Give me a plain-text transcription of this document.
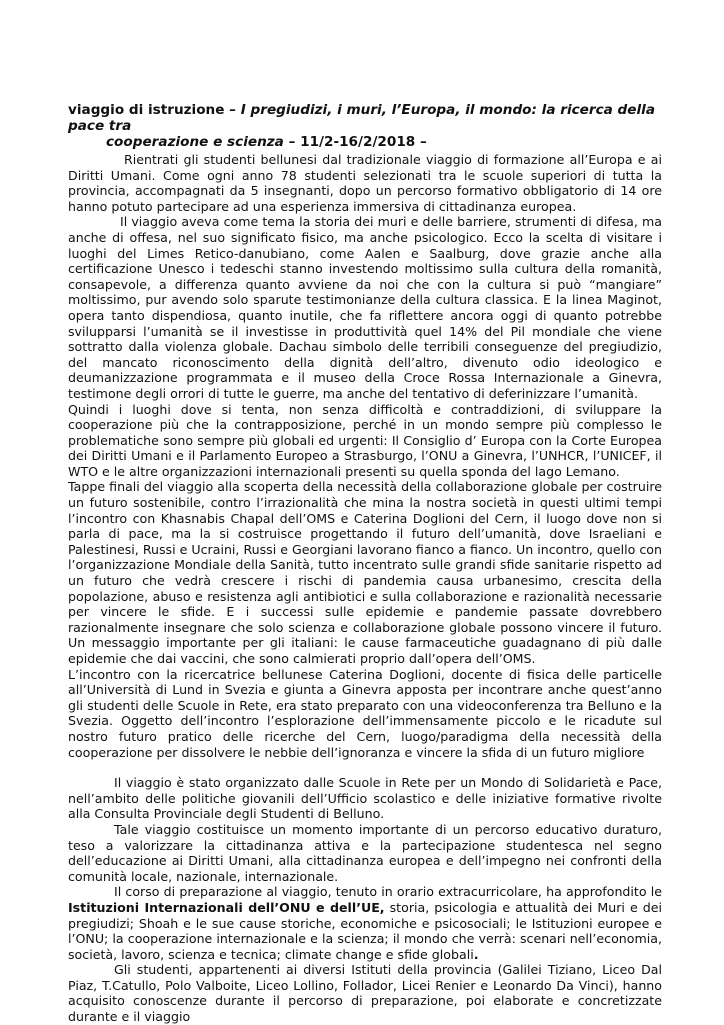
viaggio di istruzione – I pregiudizi, i muri, l’Europa, il mondo: la ricerca della pace tra
cooperazione e scienza – 11/2-16/2/2018 –

Rientrati gli studenti bellunesi dal tradizionale viaggio di formazione all’Europa e ai Diritti Umani. Come ogni anno 78 studenti selezionati tra le scuole superiori di tutta la provincia, accompagnati da 5 insegnanti, dopo un percorso formativo obbligatorio di 14 ore hanno potuto partecipare ad una esperienza immersiva di cittadinanza europea.

Il viaggio aveva come tema la storia dei muri e delle barriere, strumenti di difesa, ma anche di offesa, nel suo significato fisico, ma anche psicologico. Ecco la scelta di visitare i luoghi del Limes Retico-danubiano, come Aalen e Saalburg, dove grazie anche alla certificazione Unesco i tedeschi stanno investendo moltissimo sulla cultura della romanità, consapevole, a differenza quanto avviene da noi che con la cultura si può “mangiare” moltissimo, pur avendo solo sparute testimonianze della cultura classica. E la linea Maginot, opera tanto dispendiosa, quanto inutile, che fa riflettere ancora oggi di quanto potrebbe svilupparsi l’umanità se il investisse in produttività quel 14% del Pil mondiale che viene sottratto dalla violenza globale. Dachau simbolo delle terribili conseguenze del pregiudizio, del mancato riconoscimento della dignità dell’altro, divenuto odio ideologico e deumanizzazione programmata e il museo della Croce Rossa Internazionale a Ginevra, testimone degli orrori di tutte le guerre, ma anche del tentativo di deferinizzare l’umanità.

Quindi i luoghi dove si tenta, non senza difficoltà e contraddizioni, di sviluppare la cooperazione più che la contrapposizione, perché in un mondo sempre più complesso le problematiche sono sempre più globali ed urgenti: Il Consiglio d’ Europa con la Corte Europea dei Diritti Umani e il Parlamento Europeo a Strasburgo, l’ONU a Ginevra, l’UNHCR, l’UNICEF, il WTO e le altre organizzazioni internazionali presenti su quella sponda del lago Lemano.

Tappe finali del viaggio alla scoperta della necessità della collaborazione globale per costruire un futuro sostenibile, contro l’irrazionalità che mina la nostra società in questi ultimi tempi l’incontro con Khasnabis Chapal dell’OMS e Caterina Doglioni del Cern, il luogo dove non si parla di pace, ma la si costruisce progettando il futuro dell’umanità, dove Israeliani e Palestinesi, Russi e Ucraini, Russi e Georgiani lavorano fianco a fianco. Un incontro, quello con l’organizzazione Mondiale della Sanità, tutto incentrato sulle grandi sfide sanitarie rispetto ad un futuro che vedrà crescere i rischi di pandemia causa urbanesimo, crescita della popolazione, abuso e resistenza agli antibiotici e sulla collaborazione e razionalità necessarie per vincere le sfide. E i successi sulle epidemie e pandemie passate dovrebbero razionalmente insegnare che solo scienza e collaborazione globale possono vincere il futuro. Un messaggio importante per gli italiani: le cause farmaceutiche guadagnano di più dalle epidemie che dai vaccini, che sono calmierati proprio dall’opera dell’OMS.

L’incontro con la ricercatrice bellunese Caterina Doglioni, docente di fisica delle particelle all’Università di Lund in Svezia e giunta a Ginevra apposta per incontrare anche quest’anno gli studenti delle Scuole in Rete, era stato preparato con una videoconferenza tra Belluno e la Svezia. Oggetto dell’incontro l’esplorazione dell’immensamente piccolo e le ricadute sul nostro futuro pratico delle ricerche del Cern, luogo/paradigma della necessità della cooperazione per dissolvere le nebbie dell’ignoranza e vincere la sfida di un futuro migliore

Il viaggio è stato organizzato dalle Scuole in Rete per un Mondo di Solidarietà e Pace, nell’ambito delle politiche giovanili dell’Ufficio scolastico e delle iniziative formative rivolte alla Consulta Provinciale degli Studenti di Belluno.

Tale viaggio costituisce un momento importante di un percorso educativo duraturo, teso a valorizzare la cittadinanza attiva e la partecipazione studentesca nel segno dell’educazione ai Diritti Umani, alla cittadinanza europea e dell’impegno nei confronti della comunità locale, nazionale, internazionale.

Il corso di preparazione al viaggio, tenuto in orario extracurricolare, ha approfondito le Istituzioni Internazionali dell’ONU e dell’UE, storia, psicologia e attualità dei Muri e dei pregiudizi; Shoah e le sue cause storiche, economiche e psicosociali; le Istituzioni europee e l’ONU; la cooperazione internazionale e la scienza; il mondo che verrà: scenari nell’economia, società, lavoro, scienza e tecnica; climate change e sfide globali.

Gli studenti, appartenenti ai diversi Istituti della provincia (Galilei Tiziano, Liceo Dal Piaz, T.Catullo, Polo Valboite, Liceo Lollino, Follador, Licei Renier e Leonardo Da Vinci), hanno acquisito conoscenze durante il percorso di preparazione, poi elaborate e concretizzate durante e il viaggio
